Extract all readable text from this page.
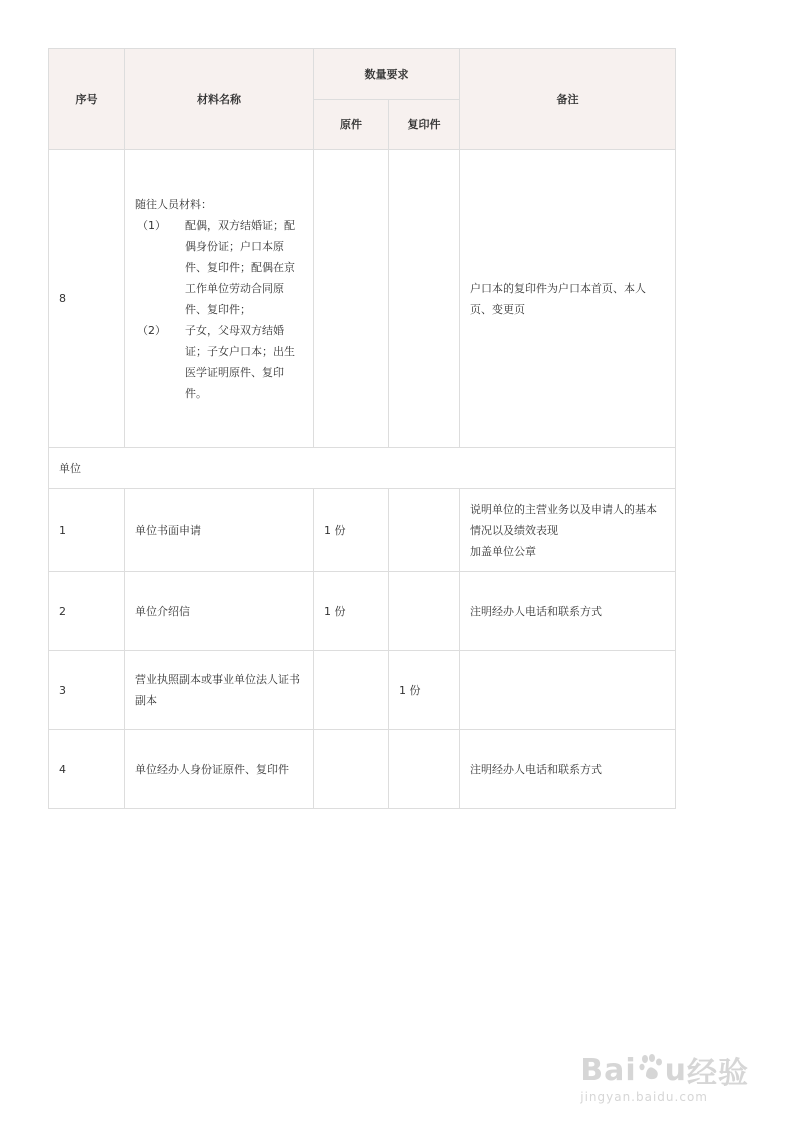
序号	材料名称	数量要求		备注
		原件	复印件	
8	随往人员材料：
（1） 配偶，双方结婚证；配偶身份证；户口本原件、复印件；配偶在京工作单位劳动合同原件、复印件；
（2） 子女，父母双方结婚证；子女户口本；出生医学证明原件、复印件。			户口本的复印件为户口本首页、本人页、变更页
单位				
1	单位书面申请	1 份		说明单位的主营业务以及申请人的基本情况以及绩效表现
加盖单位公章

2	单位介绍信	1 份		注明经办人电话和联系方式

3	营业执照副本或事业单位法人证书副本		1 份	

4	单位经办人身份证原件、复印件			注明经办人电话和联系方式
Bai u 经验
jingyan.baidu.com
